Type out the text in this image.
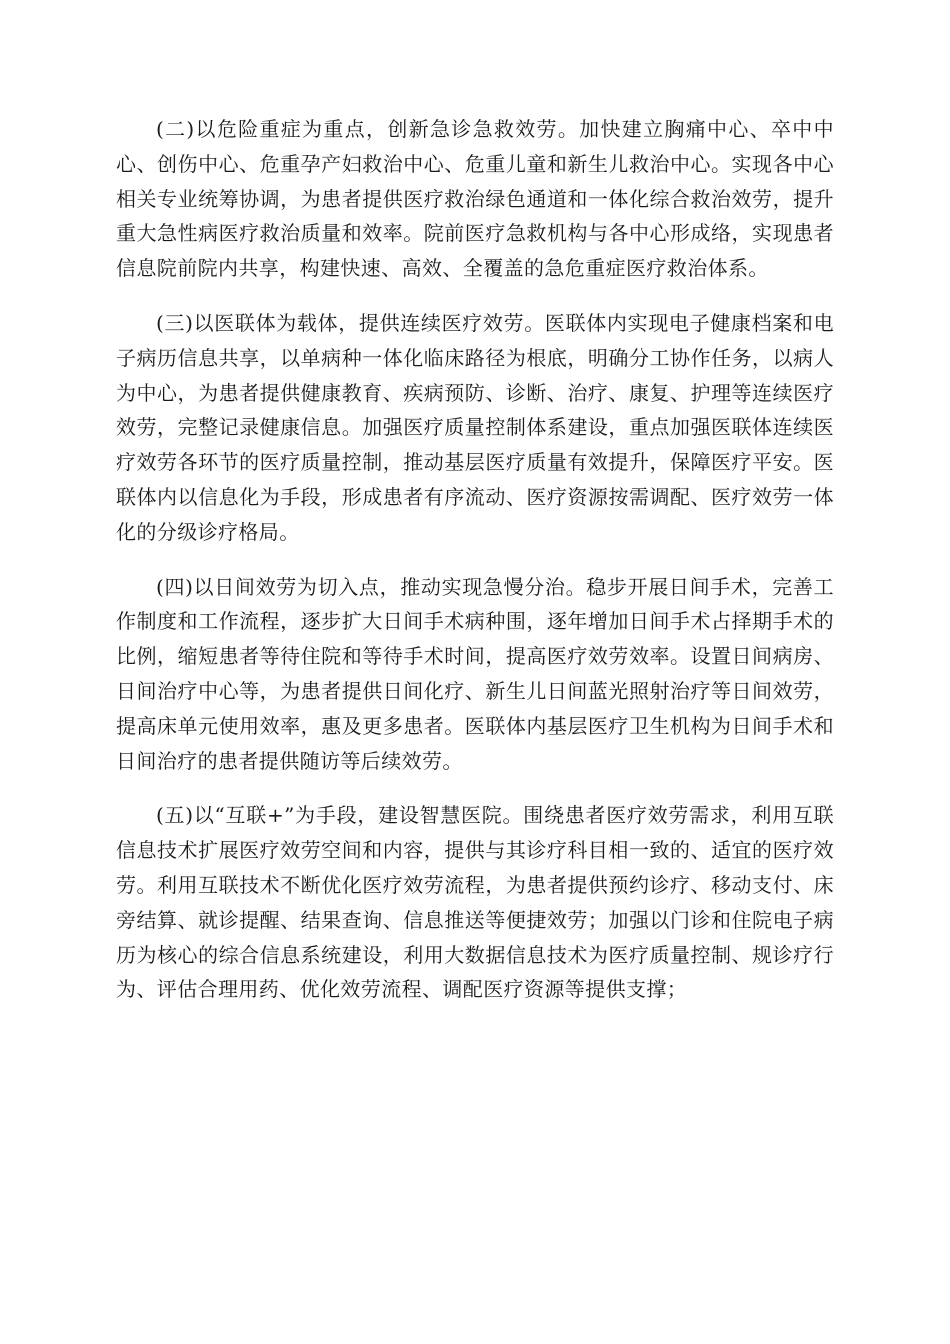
(二)以危险重症为重点，创新急诊急救效劳。加快建立胸痛中心、卒中中心、创伤中心、危重孕产妇救治中心、危重儿童和新生儿救治中心。实现各中心相关专业统筹协调，为患者提供医疗救治绿色通道和一体化综合救治效劳，提升重大急性病医疗救治质量和效率。院前医疗急救机构与各中心形成络，实现患者信息院前院内共享，构建快速、高效、全覆盖的急危重症医疗救治体系。

(三)以医联体为载体，提供连续医疗效劳。医联体内实现电子健康档案和电子病历信息共享，以单病种一体化临床路径为根底，明确分工协作任务，以病人为中心，为患者提供健康教育、疾病预防、诊断、治疗、康复、护理等连续医疗效劳，完整记录健康信息。加强医疗质量控制体系建设，重点加强医联体连续医疗效劳各环节的医疗质量控制，推动基层医疗质量有效提升，保障医疗平安。医联体内以信息化为手段，形成患者有序流动、医疗资源按需调配、医疗效劳一体化的分级诊疗格局。

(四)以日间效劳为切入点，推动实现急慢分治。稳步开展日间手术，完善工作制度和工作流程，逐步扩大日间手术病种围，逐年增加日间手术占择期手术的比例，缩短患者等待住院和等待手术时间，提高医疗效劳效率。设置日间病房、日间治疗中心等，为患者提供日间化疗、新生儿日间蓝光照射治疗等日间效劳，提高床单元使用效率，惠及更多患者。医联体内基层医疗卫生机构为日间手术和日间治疗的患者提供随访等后续效劳。

(五)以“互联+”为手段，建设智慧医院。围绕患者医疗效劳需求，利用互联信息技术扩展医疗效劳空间和内容，提供与其诊疗科目相一致的、适宜的医疗效劳。利用互联技术不断优化医疗效劳流程，为患者提供预约诊疗、移动支付、床旁结算、就诊提醒、结果查询、信息推送等便捷效劳；加强以门诊和住院电子病历为核心的综合信息系统建设，利用大数据信息技术为医疗质量控制、规诊疗行为、评估合理用药、优化效劳流程、调配医疗资源等提供支撑；
